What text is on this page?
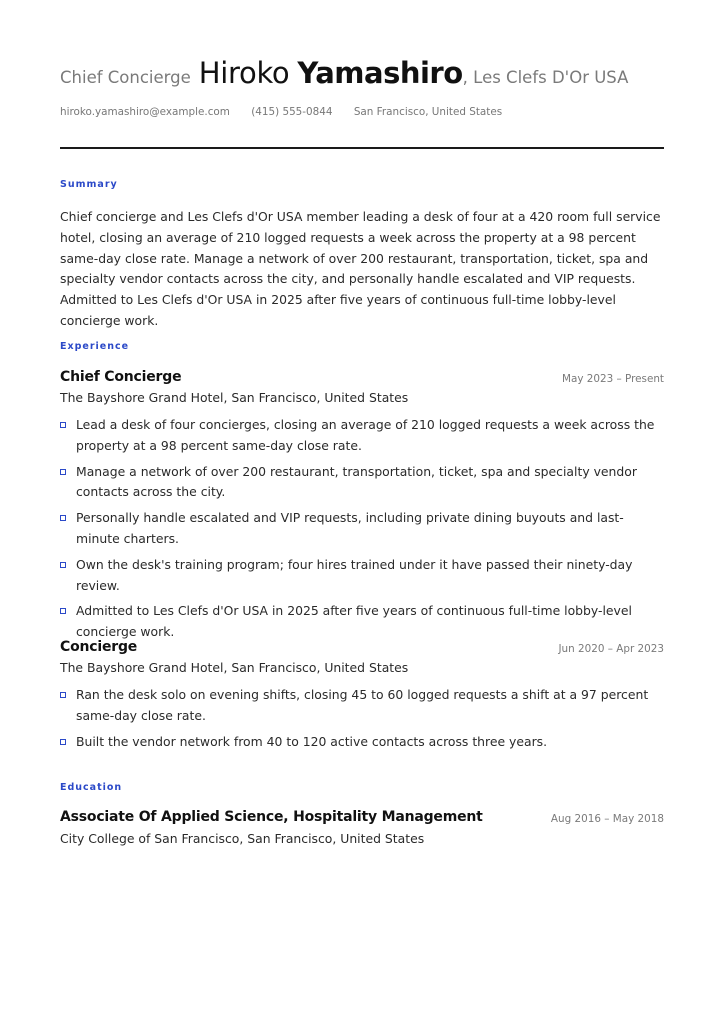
Chief Concierge Hiroko Yamashiro , Les Clefs D'Or USA
hiroko.yamashiro@example.com (415) 555-0844 San Francisco, United States
Summary
Chief concierge and Les Clefs d'Or USA member leading a desk of four at a 420 room full service hotel, closing an average of 210 logged requests a week across the property at a 98 percent same-day close rate. Manage a network of over 200 restaurant, transportation, ticket, spa and specialty vendor contacts across the city, and personally handle escalated and VIP requests. Admitted to Les Clefs d'Or USA in 2025 after five years of continuous full-time lobby-level concierge work.
Experience
Chief Concierge	May 2023 – Present
The Bayshore Grand Hotel, San Francisco, United States
Lead a desk of four concierges, closing an average of 210 logged requests a week across the property at a 98 percent same-day close rate.
Manage a network of over 200 restaurant, transportation, ticket, spa and specialty vendor contacts across the city.
Personally handle escalated and VIP requests, including private dining buyouts and last-minute charters.
Own the desk's training program; four hires trained under it have passed their ninety-day review.
Admitted to Les Clefs d'Or USA in 2025 after five years of continuous full-time lobby-level concierge work.
Concierge	Jun 2020 – Apr 2023
The Bayshore Grand Hotel, San Francisco, United States
Ran the desk solo on evening shifts, closing 45 to 60 logged requests a shift at a 97 percent same-day close rate.
Built the vendor network from 40 to 120 active contacts across three years.
Education
Associate Of Applied Science, Hospitality Management	Aug 2016 – May 2018
City College of San Francisco, San Francisco, United States
